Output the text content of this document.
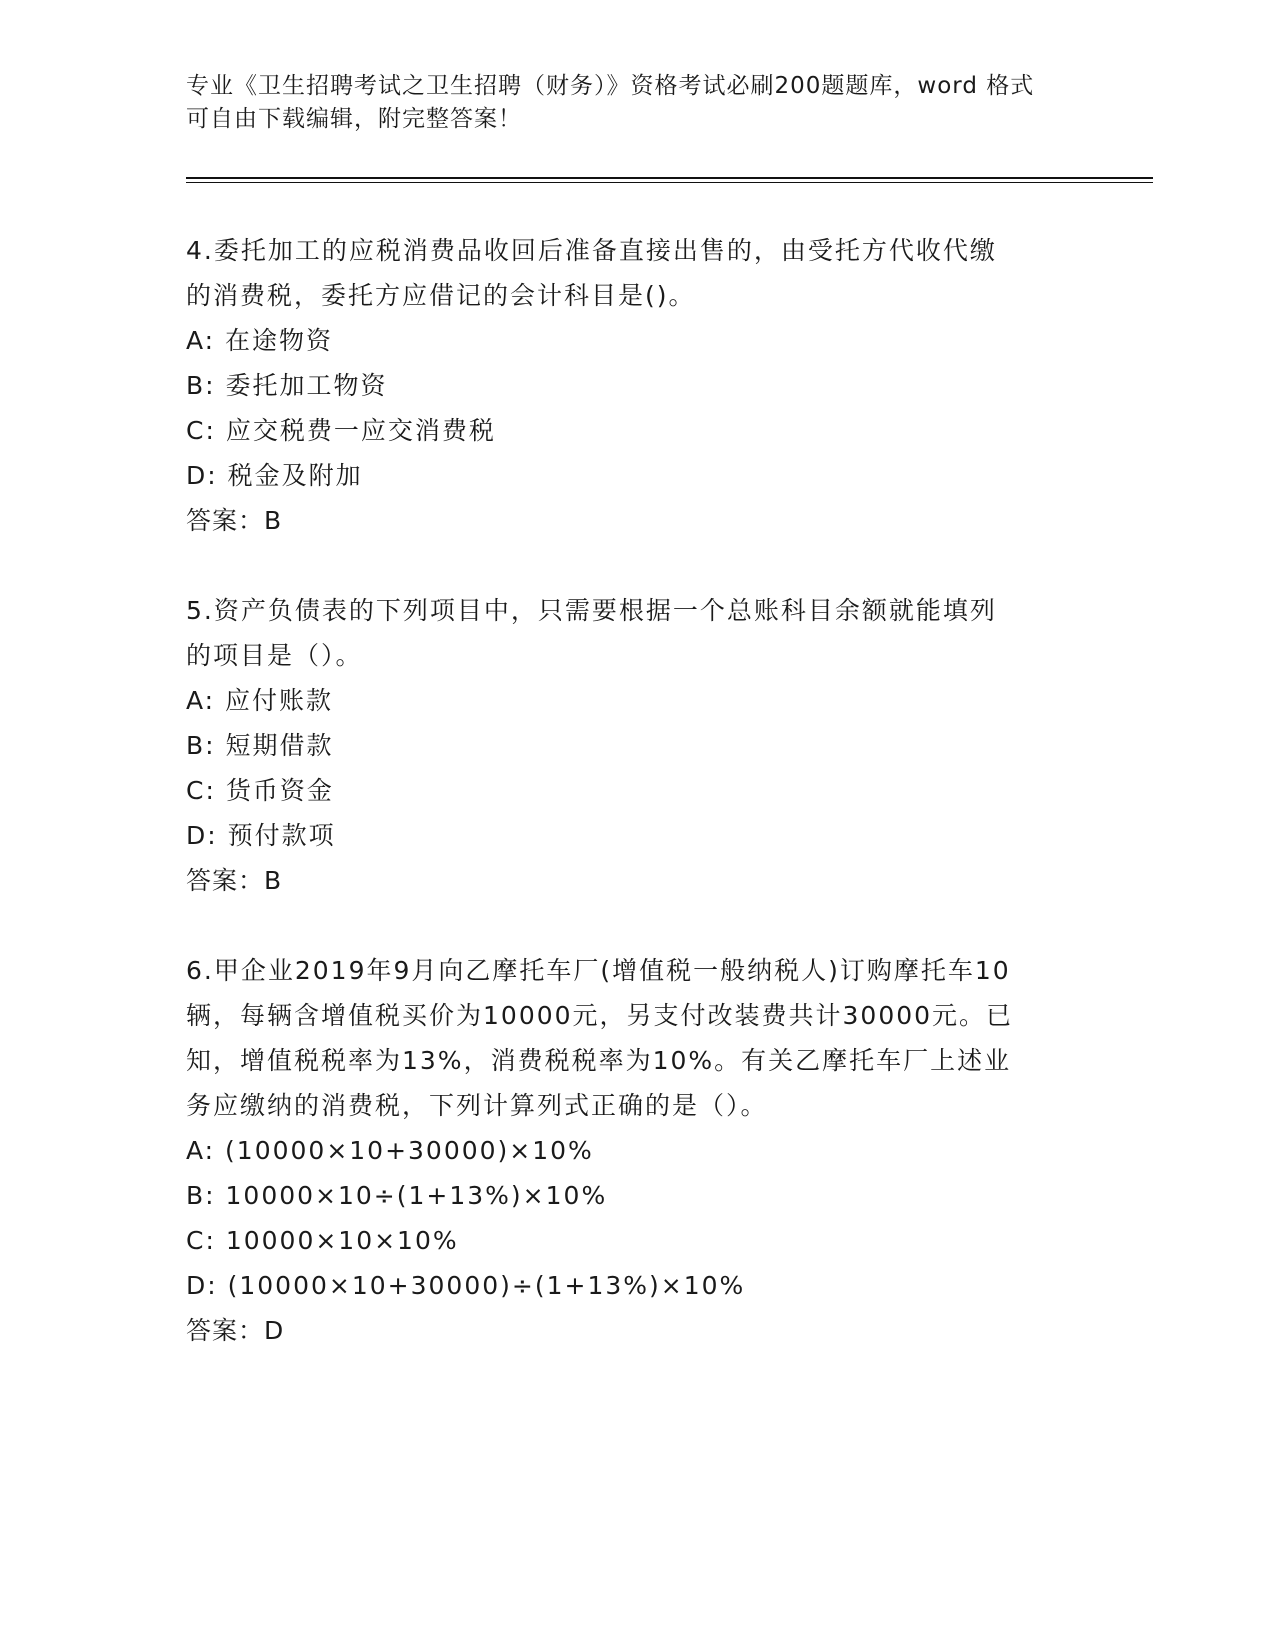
专业《卫生招聘考试之卫生招聘（财务）》资格考试必刷200题题库，word 格式
可自由下载编辑，附完整答案！
4.委托加工的应税消费品收回后准备直接出售的，由受托方代收代缴
的消费税，委托方应借记的会计科目是()。
A: 在途物资
B: 委托加工物资
C: 应交税费一应交消费税
D: 税金及附加
答案：B
5.资产负债表的下列项目中，只需要根据一个总账科目余额就能填列
的项目是（）。
A: 应付账款
B: 短期借款
C: 货币资金
D: 预付款项
答案：B
6.甲企业2019年9月向乙摩托车厂(增值税一般纳税人)订购摩托车10
辆，每辆含增值税买价为10000元，另支付改装费共计30000元。已
知，增值税税率为13%，消费税税率为10%。有关乙摩托车厂上述业
务应缴纳的消费税，下列计算列式正确的是（）。
A: (10000×10+30000)×10%
B: 10000×10÷(1+13%)×10%
C: 10000×10×10%
D: (10000×10+30000)÷(1+13%)×10%
答案：D
